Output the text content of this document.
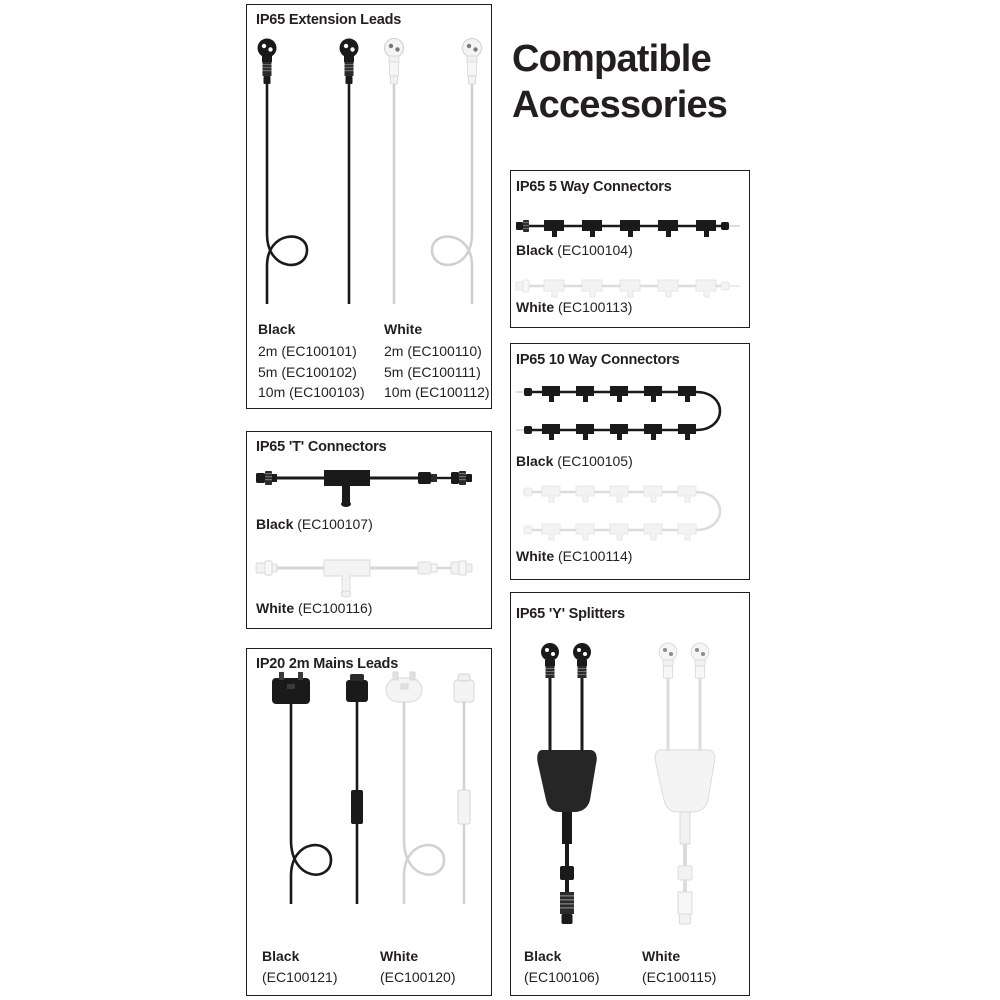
Compatible Accessories
IP65 Extension Leads
Black
2m (EC100101)
5m (EC100102)
10m (EC100103)
White
2m (EC100110)
5m (EC100111)
10m (EC100112)
IP65 'T' Connectors
Black (EC100107)
White (EC100116)
IP20 2m Mains Leads
Black
(EC100121)
White
(EC100120)
IP65 5 Way Connectors
Black (EC100104)
White (EC100113)
IP65 10 Way Connectors
Black (EC100105)
White (EC100114)
IP65 'Y' Splitters
Black
(EC100106)
White
(EC100115)
